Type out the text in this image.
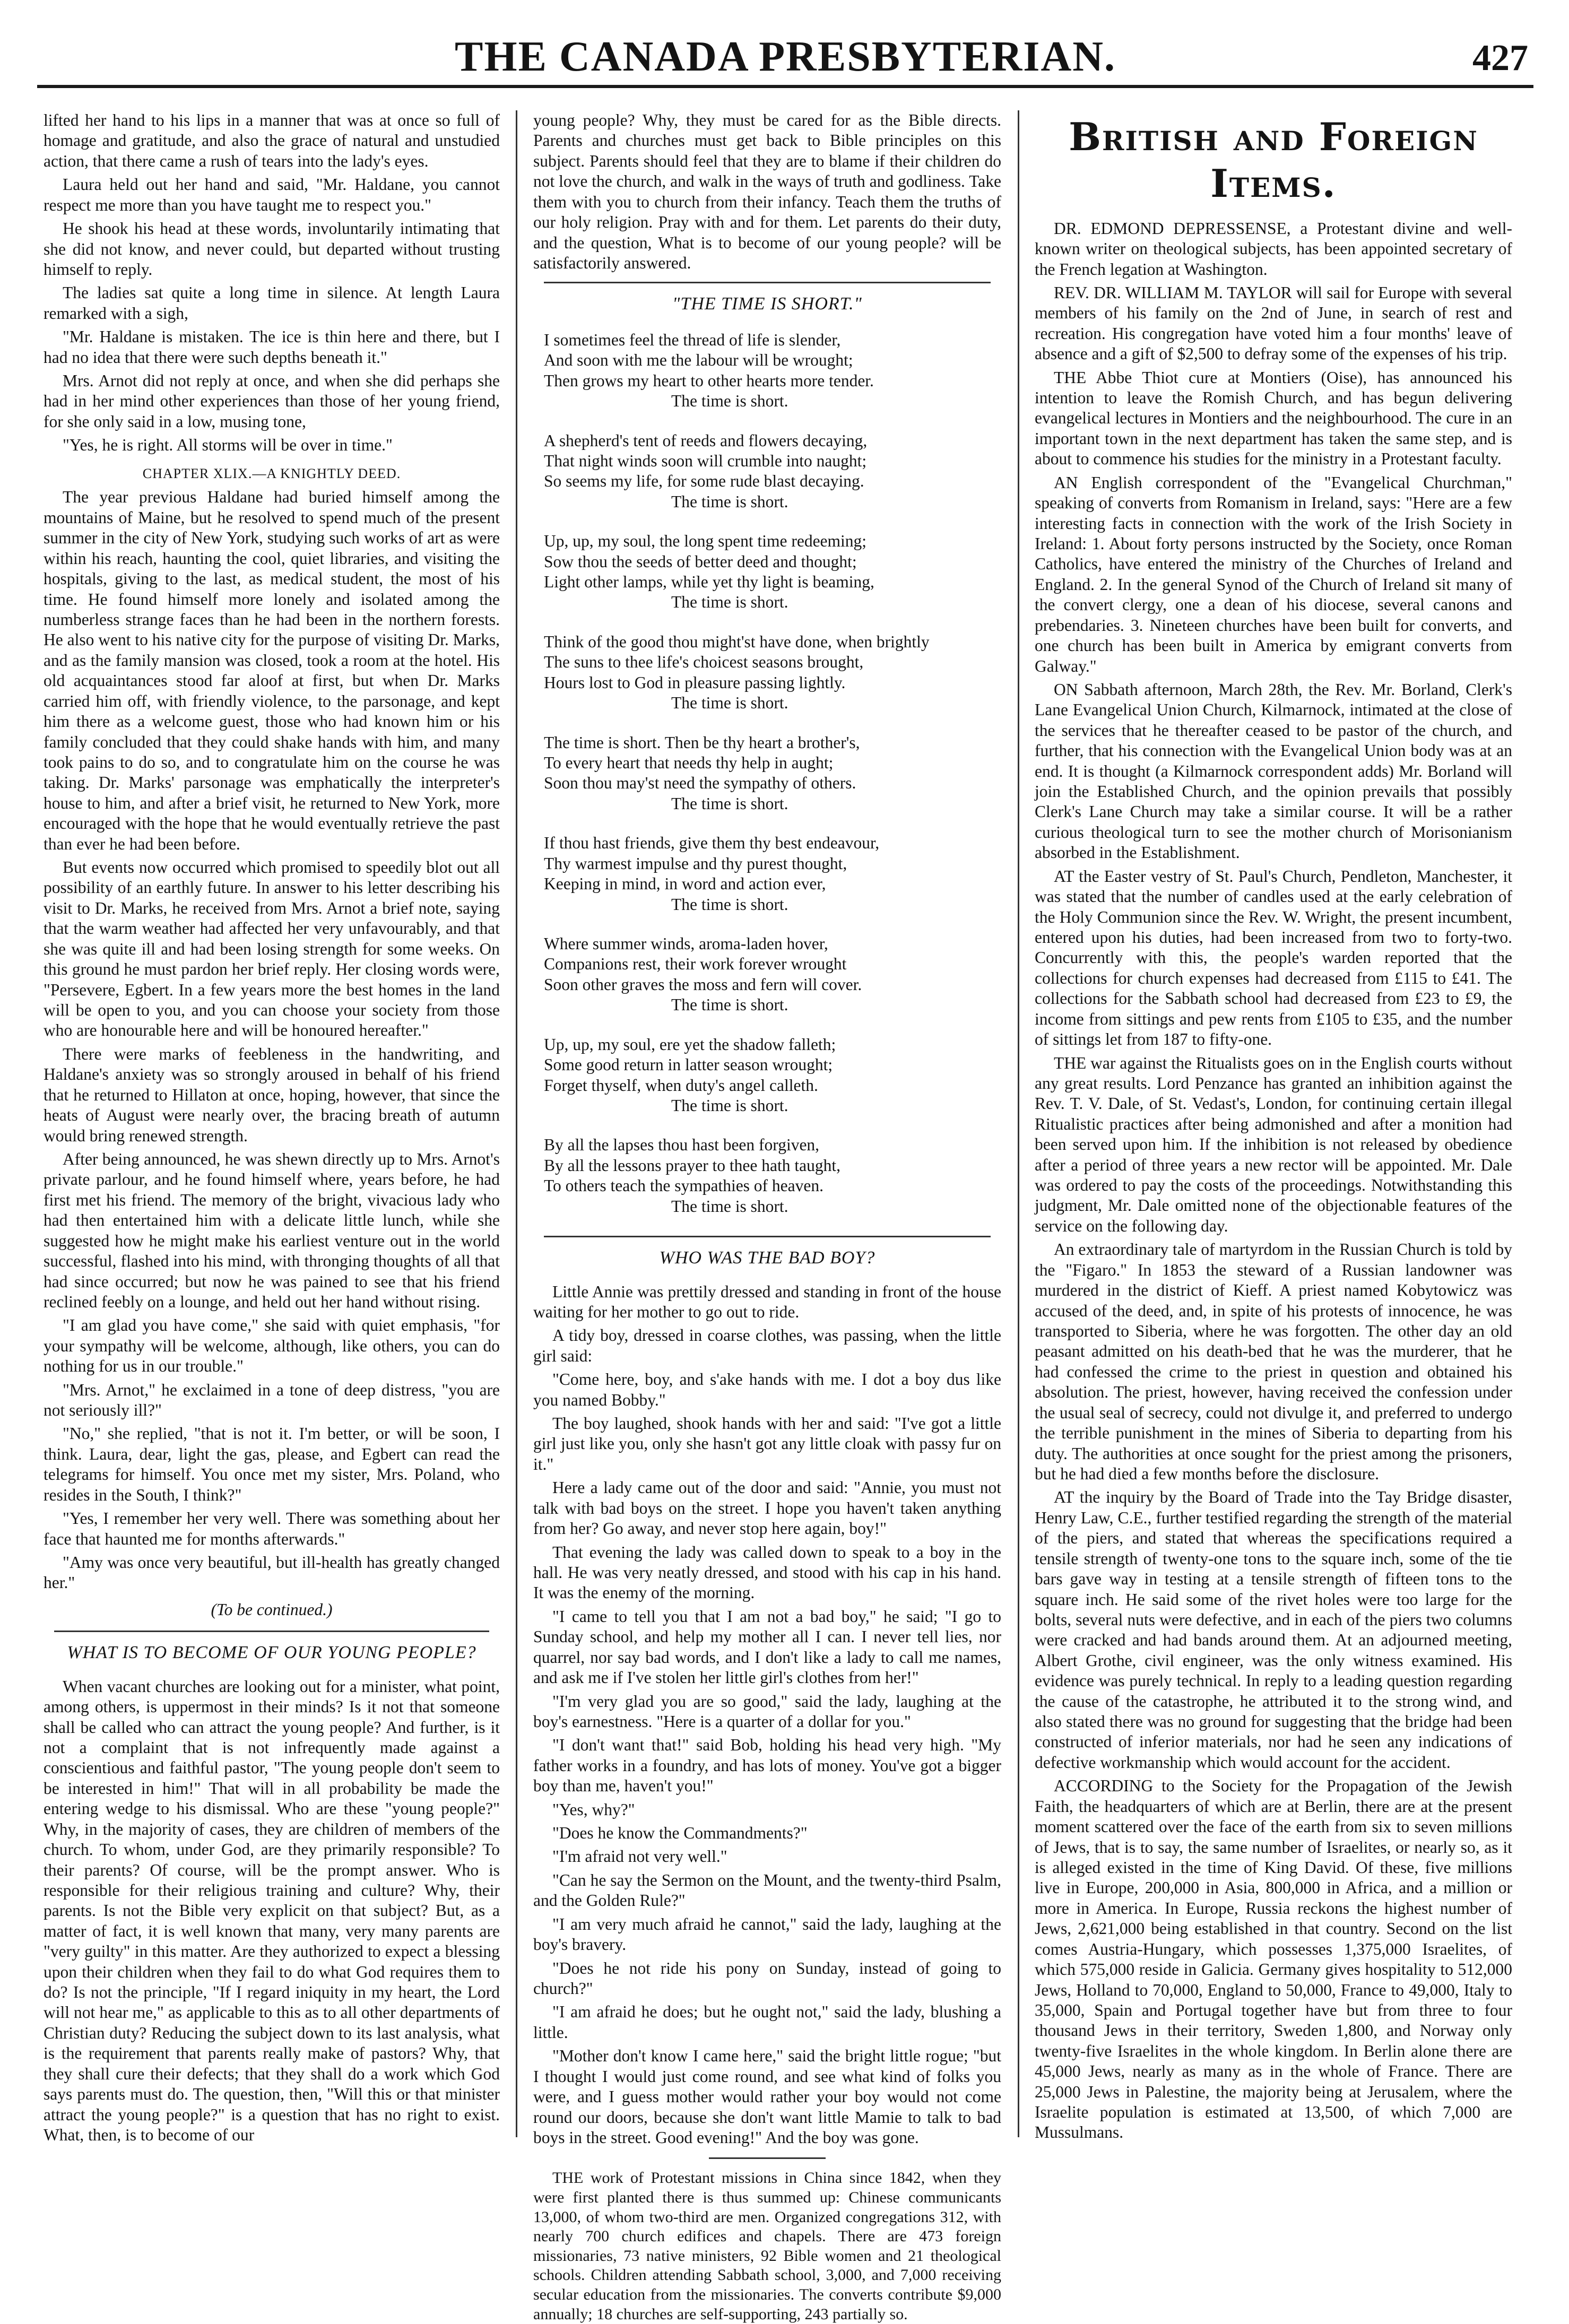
THE CANADA PRESBYTERIAN.	427

lifted her hand to his lips in a manner that was at once so full of homage and gratitude, and also the grace of natural and unstudied action, that there came a rush of tears into the lady's eyes.

Laura held out her hand and said, "Mr. Haldane, you cannot respect me more than you have taught me to respect you."

He shook his head at these words, involuntarily intimating that she did not know, and never could, but departed without trusting himself to reply.

The ladies sat quite a long time in silence. At length Laura remarked with a sigh,

"Mr. Haldane is mistaken. The ice is thin here and there, but I had no idea that there were such depths beneath it."

Mrs. Arnot did not reply at once, and when she did perhaps she had in her mind other experiences than those of her young friend, for she only said in a low, musing tone,

"Yes, he is right. All storms will be over in time."

CHAPTER XLIX.—A KNIGHTLY DEED.

The year previous Haldane had buried himself among the mountains of Maine, but he resolved to spend much of the present summer in the city of New York, studying such works of art as were within his reach, haunting the cool, quiet libraries, and visiting the hospitals, giving to the last, as medical student, the most of his time. He found himself more lonely and isolated among the numberless strange faces than he had been in the northern forests. He also went to his native city for the purpose of visiting Dr. Marks, and as the family mansion was closed, took a room at the hotel. His old acquaintances stood far aloof at first, but when Dr. Marks carried him off, with friendly violence, to the parsonage, and kept him there as a welcome guest, those who had known him or his family concluded that they could shake hands with him, and many took pains to do so, and to congratulate him on the course he was taking. Dr. Marks' parsonage was emphatically the interpreter's house to him, and after a brief visit, he returned to New York, more encouraged with the hope that he would eventually retrieve the past than ever he had been before.

But events now occurred which promised to speedily blot out all possibility of an earthly future. In answer to his letter describing his visit to Dr. Marks, he received from Mrs. Arnot a brief note, saying that the warm weather had affected her very unfavourably, and that she was quite ill and had been losing strength for some weeks. On this ground he must pardon her brief reply. Her closing words were, "Persevere, Egbert. In a few years more the best homes in the land will be open to you, and you can choose your society from those who are honourable here and will be honoured hereafter."

There were marks of feebleness in the handwriting, and Haldane's anxiety was so strongly aroused in behalf of his friend that he returned to Hillaton at once, hoping, however, that since the heats of August were nearly over, the bracing breath of autumn would bring renewed strength.

After being announced, he was shewn directly up to Mrs. Arnot's private parlour, and he found himself where, years before, he had first met his friend. The memory of the bright, vivacious lady who had then entertained him with a delicate little lunch, while she suggested how he might make his earliest venture out in the world successful, flashed into his mind, with thronging thoughts of all that had since occurred; but now he was pained to see that his friend reclined feebly on a lounge, and held out her hand without rising.

"I am glad you have come," she said with quiet emphasis, "for your sympathy will be welcome, although, like others, you can do nothing for us in our trouble."

"Mrs. Arnot," he exclaimed in a tone of deep distress, "you are not seriously ill?"

"No," she replied, "that is not it. I'm better, or will be soon, I think. Laura, dear, light the gas, please, and Egbert can read the telegrams for himself. You once met my sister, Mrs. Poland, who resides in the South, I think?"

"Yes, I remember her very well. There was something about her face that haunted me for months afterwards."

"Amy was once very beautiful, but ill-health has greatly changed her."

(To be continued.)
WHAT IS TO BECOME OF OUR YOUNG PEOPLE?

When vacant churches are looking out for a minister, what point, among others, is uppermost in their minds? Is it not that someone shall be called who can attract the young people? And further, is it not a complaint that is not infrequently made against a conscientious and faithful pastor, "The young people don't seem to be interested in him!" That will in all probability be made the entering wedge to his dismissal. Who are these "young people?" Why, in the majority of cases, they are children of members of the church. To whom, under God, are they primarily responsible? To their parents? Of course, will be the prompt answer. Who is responsible for their religious training and culture? Why, their parents. Is not the Bible very explicit on that subject? But, as a matter of fact, it is well known that many, very many parents are "very guilty" in this matter. Are they authorized to expect a blessing upon their children when they fail to do what God requires them to do? Is not the principle, "If I regard iniquity in my heart, the Lord will not hear me," as applicable to this as to all other departments of Christian duty? Reducing the subject down to its last analysis, what is the requirement that parents really make of pastors? Why, that they shall cure their defects; that they shall do a work which God says parents must do. The question, then, "Will this or that minister attract the young people?" is a question that has no right to exist. What, then, is to become of our

young people? Why, they must be cared for as the Bible directs. Parents and churches must get back to Bible principles on this subject. Parents should feel that they are to blame if their children do not love the church, and walk in the ways of truth and godliness. Take them with you to church from their infancy. Teach them the truths of our holy religion. Pray with and for them. Let parents do their duty, and the question, What is to become of our young people? will be satisfactorily answered.

"THE TIME IS SHORT."
I sometimes feel the thread of life is slender,
And soon with me the labour will be wrought;
Then grows my heart to other hearts more tender.
The time is short.
A shepherd's tent of reeds and flowers decaying,
That night winds soon will crumble into naught;
So seems my life, for some rude blast decaying.
The time is short.
Up, up, my soul, the long spent time redeeming;
Sow thou the seeds of better deed and thought;
Light other lamps, while yet thy light is beaming,
The time is short.
Think of the good thou might'st have done, when brightly
The suns to thee life's choicest seasons brought,
Hours lost to God in pleasure passing lightly.
The time is short.
The time is short. Then be thy heart a brother's,
To every heart that needs thy help in aught;
Soon thou may'st need the sympathy of others.
The time is short.
If thou hast friends, give them thy best endeavour,
Thy warmest impulse and thy purest thought,
Keeping in mind, in word and action ever,
The time is short.
Where summer winds, aroma-laden hover,
Companions rest, their work forever wrought
Soon other graves the moss and fern will cover.
The time is short.
Up, up, my soul, ere yet the shadow falleth;
Some good return in latter season wrought;
Forget thyself, when duty's angel calleth.
The time is short.
By all the lapses thou hast been forgiven,
By all the lessons prayer to thee hath taught,
To others teach the sympathies of heaven.
The time is short.
WHO WAS THE BAD BOY?

Little Annie was prettily dressed and standing in front of the house waiting for her mother to go out to ride.

A tidy boy, dressed in coarse clothes, was passing, when the little girl said:

"Come here, boy, and s'ake hands with me. I dot a boy dus like you named Bobby."

The boy laughed, shook hands with her and said: "I've got a little girl just like you, only she hasn't got any little cloak with passy fur on it."

Here a lady came out of the door and said: "Annie, you must not talk with bad boys on the street. I hope you haven't taken anything from her? Go away, and never stop here again, boy!"

That evening the lady was called down to speak to a boy in the hall. He was very neatly dressed, and stood with his cap in his hand. It was the enemy of the morning.

"I came to tell you that I am not a bad boy," he said; "I go to Sunday school, and help my mother all I can. I never tell lies, nor quarrel, nor say bad words, and I don't like a lady to call me names, and ask me if I've stolen her little girl's clothes from her!"

"I'm very glad you are so good," said the lady, laughing at the boy's earnestness. "Here is a quarter of a dollar for you."

"I don't want that!" said Bob, holding his head very high. "My father works in a foundry, and has lots of money. You've got a bigger boy than me, haven't you!"

"Yes, why?"

"Does he know the Commandments?"

"I'm afraid not very well."

"Can he say the Sermon on the Mount, and the twenty-third Psalm, and the Golden Rule?"

"I am very much afraid he cannot," said the lady, laughing at the boy's bravery.

"Does he not ride his pony on Sunday, instead of going to church?"

"I am afraid he does; but he ought not," said the lady, blushing a little.

"Mother don't know I came here," said the bright little rogue; "but I thought I would just come round, and see what kind of folks you were, and I guess mother would rather your boy would not come round our doors, because she don't want little Mamie to talk to bad boys in the street. Good evening!" And the boy was gone.

THE work of Protestant missions in China since 1842, when they were first planted there is thus summed up: Chinese communicants 13,000, of whom two-third are men. Organized congregations 312, with nearly 700 church edifices and chapels. There are 473 foreign missionaries, 73 native ministers, 92 Bible women and 21 theological schools. Children attending Sabbath school, 3,000, and 7,000 receiving secular education from the missionaries. The converts contribute $9,000 annually; 18 churches are self-supporting, 243 partially so.

British and Foreign Items.

DR. EDMOND DEPRESSENSE, a Protestant divine and well-known writer on theological subjects, has been appointed secretary of the French legation at Washington.

REV. DR. WILLIAM M. TAYLOR will sail for Europe with several members of his family on the 2nd of June, in search of rest and recreation. His congregation have voted him a four months' leave of absence and a gift of $2,500 to defray some of the expenses of his trip.

THE Abbe Thiot cure at Montiers (Oise), has announced his intention to leave the Romish Church, and has begun delivering evangelical lectures in Montiers and the neighbourhood. The cure in an important town in the next department has taken the same step, and is about to commence his studies for the ministry in a Protestant faculty.

AN English correspondent of the "Evangelical Churchman," speaking of converts from Romanism in Ireland, says: "Here are a few interesting facts in connection with the work of the Irish Society in Ireland: 1. About forty persons instructed by the Society, once Roman Catholics, have entered the ministry of the Churches of Ireland and England. 2. In the general Synod of the Church of Ireland sit many of the convert clergy, one a dean of his diocese, several canons and prebendaries. 3. Nineteen churches have been built for converts, and one church has been built in America by emigrant converts from Galway."

ON Sabbath afternoon, March 28th, the Rev. Mr. Borland, Clerk's Lane Evangelical Union Church, Kilmarnock, intimated at the close of the services that he thereafter ceased to be pastor of the church, and further, that his connection with the Evangelical Union body was at an end. It is thought (a Kilmarnock correspondent adds) Mr. Borland will join the Established Church, and the opinion prevails that possibly Clerk's Lane Church may take a similar course. It will be a rather curious theological turn to see the mother church of Morisonianism absorbed in the Establishment.

AT the Easter vestry of St. Paul's Church, Pendleton, Manchester, it was stated that the number of candles used at the early celebration of the Holy Communion since the Rev. W. Wright, the present incumbent, entered upon his duties, had been increased from two to forty-two. Concurrently with this, the people's warden reported that the collections for church expenses had decreased from £115 to £41. The collections for the Sabbath school had decreased from £23 to £9, the income from sittings and pew rents from £105 to £35, and the number of sittings let from 187 to fifty-one.

THE war against the Ritualists goes on in the English courts without any great results. Lord Penzance has granted an inhibition against the Rev. T. V. Dale, of St. Vedast's, London, for continuing certain illegal Ritualistic practices after being admonished and after a monition had been served upon him. If the inhibition is not released by obedience after a period of three years a new rector will be appointed. Mr. Dale was ordered to pay the costs of the proceedings. Notwithstanding this judgment, Mr. Dale omitted none of the objectionable features of the service on the following day.

An extraordinary tale of martyrdom in the Russian Church is told by the "Figaro." In 1853 the steward of a Russian landowner was murdered in the district of Kieff. A priest named Kobytowicz was accused of the deed, and, in spite of his protests of innocence, he was transported to Siberia, where he was forgotten. The other day an old peasant admitted on his death-bed that he was the murderer, that he had confessed the crime to the priest in question and obtained his absolution. The priest, however, having received the confession under the usual seal of secrecy, could not divulge it, and preferred to undergo the terrible punishment in the mines of Siberia to departing from his duty. The authorities at once sought for the priest among the prisoners, but he had died a few months before the disclosure.

AT the inquiry by the Board of Trade into the Tay Bridge disaster, Henry Law, C.E., further testified regarding the strength of the material of the piers, and stated that whereas the specifications required a tensile strength of twenty-one tons to the square inch, some of the tie bars gave way in testing at a tensile strength of fifteen tons to the square inch. He said some of the rivet holes were too large for the bolts, several nuts were defective, and in each of the piers two columns were cracked and had bands around them. At an adjourned meeting, Albert Grothe, civil engineer, was the only witness examined. His evidence was purely technical. In reply to a leading question regarding the cause of the catastrophe, he attributed it to the strong wind, and also stated there was no ground for suggesting that the bridge had been constructed of inferior materials, nor had he seen any indications of defective workmanship which would account for the accident.

ACCORDING to the Society for the Propagation of the Jewish Faith, the headquarters of which are at Berlin, there are at the present moment scattered over the face of the earth from six to seven millions of Jews, that is to say, the same number of Israelites, or nearly so, as it is alleged existed in the time of King David. Of these, five millions live in Europe, 200,000 in Asia, 800,000 in Africa, and a million or more in America. In Europe, Russia reckons the highest number of Jews, 2,621,000 being established in that country. Second on the list comes Austria-Hungary, which possesses 1,375,000 Israelites, of which 575,000 reside in Galicia. Germany gives hospitality to 512,000 Jews, Holland to 70,000, England to 50,000, France to 49,000, Italy to 35,000, Spain and Portugal together have but from three to four thousand Jews in their territory, Sweden 1,800, and Norway only twenty-five Israelites in the whole kingdom. In Berlin alone there are 45,000 Jews, nearly as many as in the whole of France. There are 25,000 Jews in Palestine, the majority being at Jerusalem, where the Israelite population is estimated at 13,500, of which 7,000 are Mussulmans.
